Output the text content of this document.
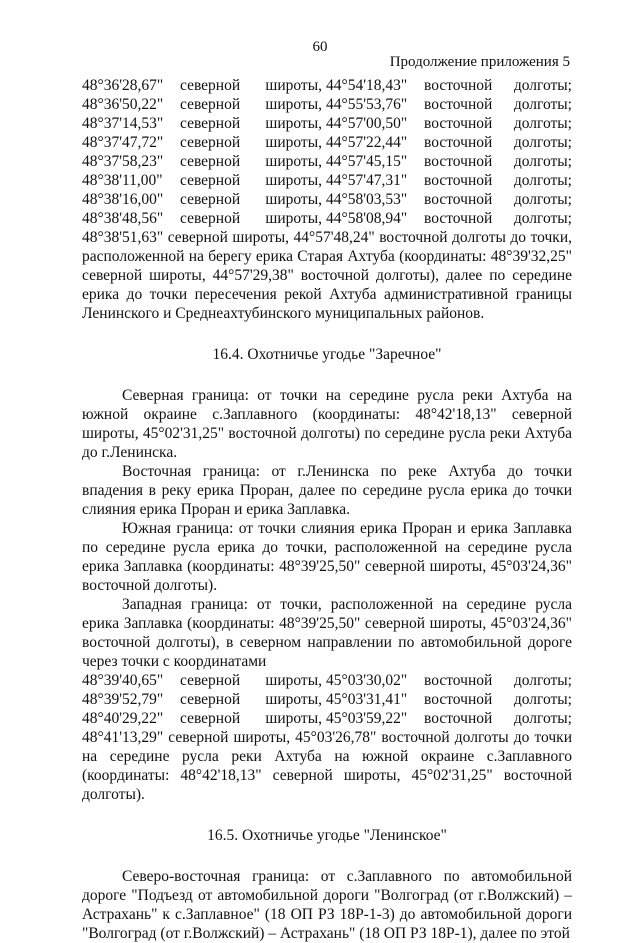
60
Продолжение приложения 5
48°36'28,67"	северной	широты, 44°54'18,43"	восточной	долготы;
48°36'50,22"	северной	широты, 44°55'53,76"	восточной	долготы;
48°37'14,53"	северной	широты, 44°57'00,50"	восточной	долготы;
48°37'47,72"	северной	широты, 44°57'22,44"	восточной	долготы;
48°37'58,23"	северной	широты, 44°57'45,15"	восточной	долготы;
48°38'11,00"	северной	широты, 44°57'47,31"	восточной	долготы;
48°38'16,00"	северной	широты, 44°58'03,53"	восточной	долготы;
48°38'48,56"	северной	широты, 44°58'08,94"	восточной	долготы;

48°38'51,63" северной широты, 44°57'48,24" восточной долготы до точки, расположенной на берегу ерика Старая Ахтуба (координаты: 48°39'32,25" северной широты, 44°57'29,38" восточной долготы), далее по середине ерика до точки пересечения рекой Ахтуба административной границы Ленинского и Среднеахтубинского муниципальных районов.

16.4. Охотничье угодье "Заречное"

Северная граница: от точки на середине русла реки Ахтуба на южной окраине с.Заплавного (координаты: 48°42'18,13" северной широты, 45°02'31,25" восточной долготы) по середине русла реки Ахтуба до г.Ленинска.

Восточная граница: от г.Ленинска по реке Ахтуба до точки впадения в реку ерика Проран, далее по середине русла ерика до точки слияния ерика Проран и ерика Заплавка.

Южная граница: от точки слияния ерика Проран и ерика Заплавка по середине русла ерика до точки, расположенной на середине русла ерика Заплавка (координаты: 48°39'25,50" северной широты, 45°03'24,36" восточной долготы).

Западная граница: от точки, расположенной на середине русла ерика Заплавка (координаты: 48°39'25,50" северной широты, 45°03'24,36" восточной долготы), в северном направлении по автомобильной дороге через точки с координатами

48°39'40,65"	северной	широты, 45°03'30,02"	восточной	долготы;
48°39'52,79"	северной	широты, 45°03'31,41"	восточной	долготы;
48°40'29,22"	северной	широты, 45°03'59,22"	восточной	долготы;

48°41'13,29" северной широты, 45°03'26,78" восточной долготы до точки на середине русла реки Ахтуба на южной окраине с.Заплавного (координаты: 48°42'18,13" северной широты, 45°02'31,25" восточной долготы).

16.5. Охотничье угодье "Ленинское"

Северо-восточная граница: от с.Заплавного по автомобильной дороге "Подъезд от автомобильной дороги "Волгоград (от г.Волжский) – Астрахань" к с.Заплавное" (18 ОП РЗ 18Р-1-3) до автомобильной дороги "Волгоград (от г.Волжский) – Астрахань" (18 ОП РЗ 18Р-1), далее по этой
